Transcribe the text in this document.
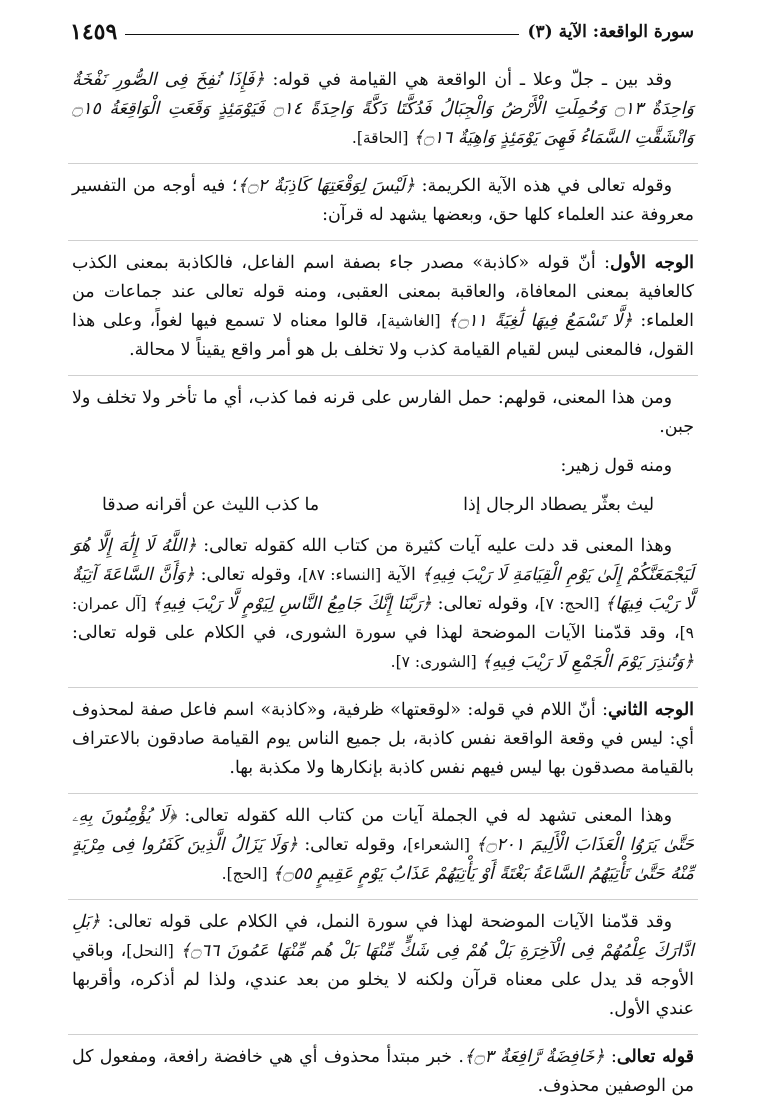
سورة الواقعة: الآية (٣)
١٤٥٩

وقد بين ـ جلّ وعلا ـ أن الواقعة هي القيامة في قوله: ﴿فَإِذَا نُفِخَ فِى الصُّورِ نَفْخَةٌ وَاحِدَةٌ ۝١٣ وَحُمِلَتِ الْأَرْضُ وَالْجِبَالُ فَدُكَّتَا دَكَّةً وَاحِدَةً ۝١٤ فَيَوْمَئِذٍ وَقَعَتِ الْوَاقِعَةُ ۝١٥ وَانْشَقَّتِ السَّمَاءُ فَهِىَ يَوْمَئِذٍ وَاهِيَةٌ ۝١٦﴾ [الحاقة].

وقوله تعالى في هذه الآية الكريمة: ﴿لَيْسَ لِوَقْعَتِهَا كَاذِبَةٌ ۝٢﴾؛ فيه أوجه من التفسير معروفة عند العلماء كلها حق، وبعضها يشهد له قرآن:

الوجه الأول: أنّ قوله «كاذبة» مصدر جاء بصفة اسم الفاعل، فالكاذبة بمعنى الكذب كالعافية بمعنى المعافاة، والعاقبة بمعنى العقبى، ومنه قوله تعالى عند جماعات من العلماء: ﴿لَّا تَسْمَعُ فِيهَا لَٰغِيَةً ۝١١﴾ [الغاشية]، قالوا معناه لا تسمع فيها لغواً، وعلى هذا القول، فالمعنى ليس لقيام القيامة كذب ولا تخلف بل هو أمر واقع يقيناً لا محالة.

ومن هذا المعنى، قولهم: حمل الفارس على قرنه فما كذب، أي ما تأخر ولا تخلف ولا جبن.

ومنه قول زهير:

ليث بعثّر يصطاد الرجال إذا
ما كذب الليث عن أقرانه صدقا

وهذا المعنى قد دلت عليه آيات كثيرة من كتاب الله كقوله تعالى: ﴿اللَّهُ لَا إِلَٰهَ إِلَّا هُوَ لَيَجْمَعَنَّكُمْ إِلَىٰ يَوْمِ الْقِيَامَةِ لَا رَيْبَ فِيهِ﴾ الآية [النساء: ٨٧]، وقوله تعالى: ﴿وَأَنَّ السَّاعَةَ آتِيَةٌ لَّا رَيْبَ فِيهَا﴾ [الحج: ٧]، وقوله تعالى: ﴿رَبَّنَا إِنَّكَ جَامِعُ النَّاسِ لِيَوْمٍ لَّا رَيْبَ فِيهِ﴾ [آل عمران: ٩]، وقد قدّمنا الآيات الموضحة لهذا في سورة الشورى، في الكلام على قوله تعالى: ﴿وَتُنذِرَ يَوْمَ الْجَمْعِ لَا رَيْبَ فِيهِ﴾ [الشورى: ٧].

الوجه الثاني: أنّ اللام في قوله: «لوقعتها» ظرفية، و«كاذبة» اسم فاعل صفة لمحذوف أي: ليس في وقعة الواقعة نفس كاذبة، بل جميع الناس يوم القيامة صادقون بالاعتراف بالقيامة مصدقون بها ليس فيهم نفس كاذبة بإنكارها ولا مكذبة بها.

وهذا المعنى تشهد له في الجملة آيات من كتاب الله كقوله تعالى: ﴿لَا يُؤْمِنُونَ بِهِۦ حَتَّىٰ يَرَوُا الْعَذَابَ الْأَلِيمَ ۝٢٠١﴾ [الشعراء]، وقوله تعالى: ﴿وَلَا يَزَالُ الَّذِينَ كَفَرُوا فِى مِرْيَةٍ مِّنْهُ حَتَّىٰ تَأْتِيَهُمُ السَّاعَةُ بَغْتَةً أَوْ يَأْتِيَهُمْ عَذَابُ يَوْمٍ عَقِيمٍ ۝٥٥﴾ [الحج].

وقد قدّمنا الآيات الموضحة لهذا في سورة النمل، في الكلام على قوله تعالى: ﴿بَلِ ادَّارَكَ عِلْمُهُمْ فِى الْآخِرَةِ بَلْ هُمْ فِى شَكٍّ مِّنْهَا بَلْ هُم مِّنْهَا عَمُونَ ۝٦٦﴾ [النحل]، وباقي الأوجه قد يدل على معناه قرآن ولكنه لا يخلو من بعد عندي، ولذا لم أذكره، وأقربها عندي الأول.

قوله تعالى: ﴿خَافِضَةٌ رَّافِعَةٌ ۝٣﴾. خبر مبتدأ محذوف أي هي خافضة رافعة، ومفعول كل من الوصفين محذوف.
